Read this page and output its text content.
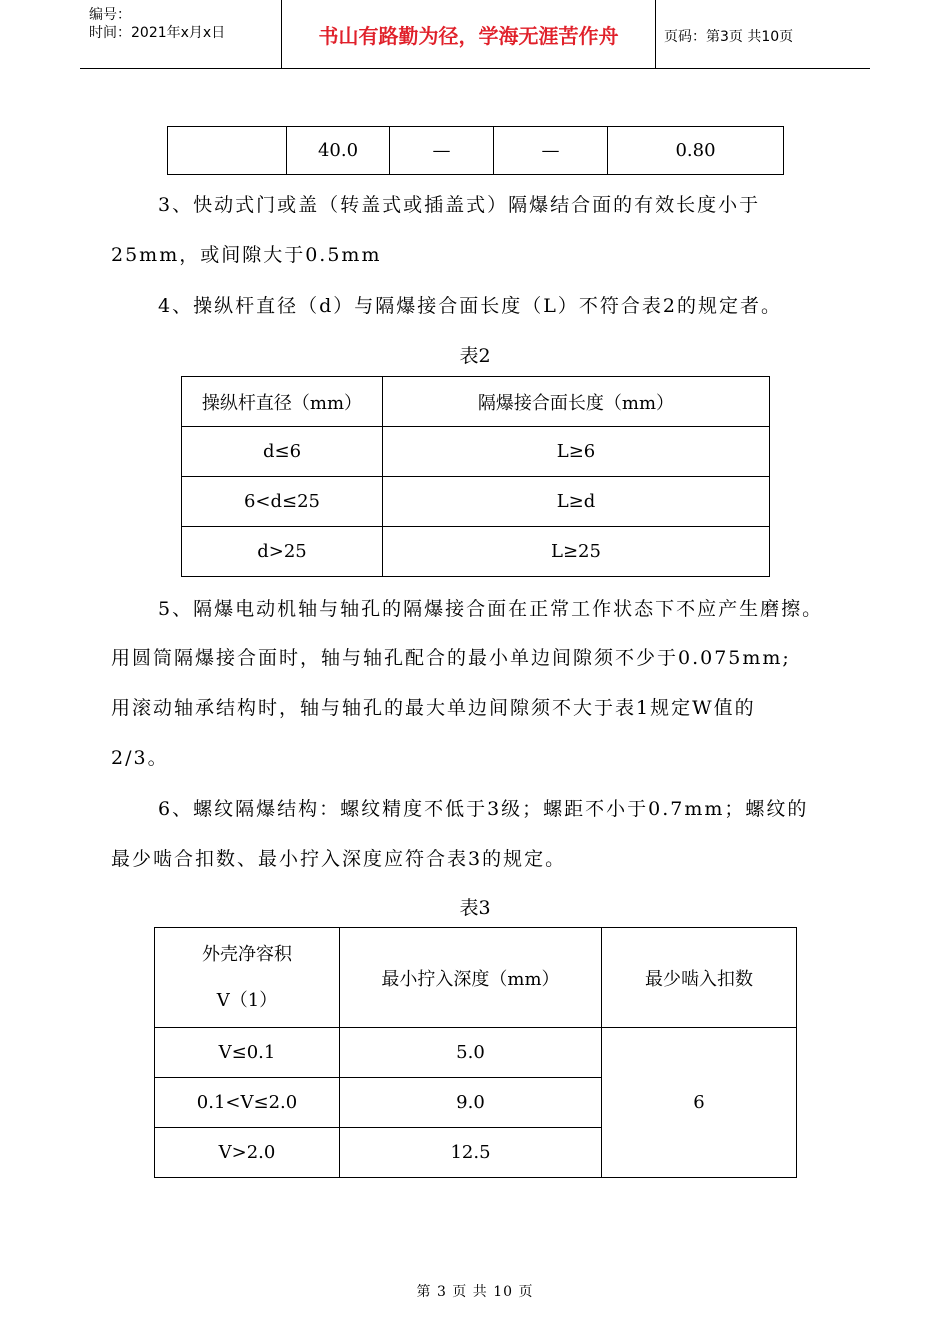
编号：
时间：2021年x月x日	书山有路勤为径，学海无涯苦作舟	页码：第3页 共10页
	40.0	—	—	0.80
3、快动式门或盖（转盖式或插盖式）隔爆结合面的有效长度小于
25mm，或间隙大于0.5mm
4、操纵杆直径（d）与隔爆接合面长度（L）不符合表2的规定者。
表2
操纵杆直径（mm）	隔爆接合面长度（mm）
d≤6	L≥6
6<d≤25	L≥d
d>25	L≥25
5、隔爆电动机轴与轴孔的隔爆接合面在正常工作状态下不应产生磨擦。
用圆筒隔爆接合面时，轴与轴孔配合的最小单边间隙须不少于0.075mm;
用滚动轴承结构时，轴与轴孔的最大单边间隙须不大于表1规定W值的
2/3。
6、螺纹隔爆结构：螺纹精度不低于3级；螺距不小于0.7mm；螺纹的
最少啮合扣数、最小拧入深度应符合表3的规定。
表3
外壳净容积
V（1）	最小拧入深度（mm）	最少啮入扣数
V≤0.1	5.0	6
0.1<V≤2.0	9.0	
V>2.0	12.5	
第 3 页 共 10 页
